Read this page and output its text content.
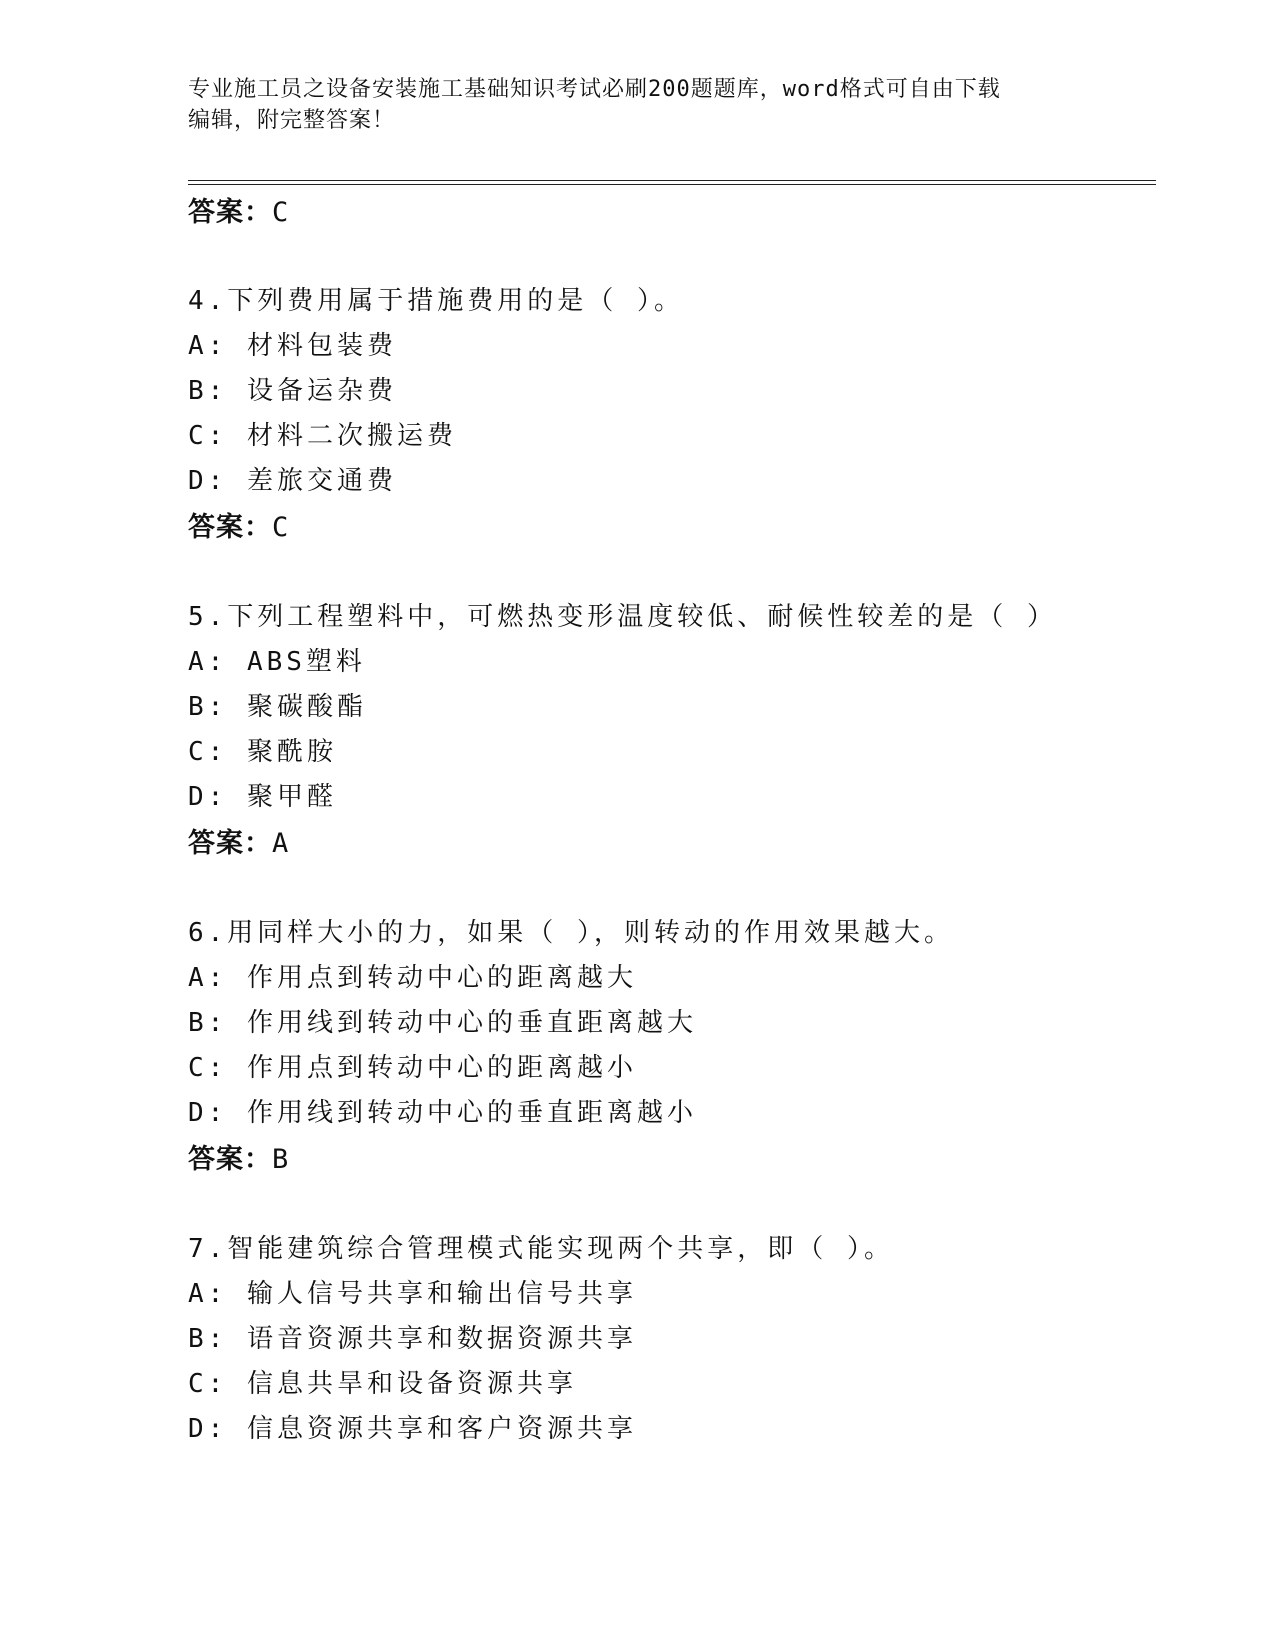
专业施工员之设备安装施工基础知识考试必刷200题题库，word格式可自由下载
编辑，附完整答案！
答案：C
4.下列费用属于措施费用的是（ ）。
A: 材料包装费
B: 设备运杂费
C: 材料二次搬运费
D: 差旅交通费
答案：C
5.下列工程塑料中，可燃热变形温度较低、耐候性较差的是（ ）
A: ABS塑料
B: 聚碳酸酯
C: 聚酰胺
D: 聚甲醛
答案：A
6.用同样大小的力，如果（ ），则转动的作用效果越大。
A: 作用点到转动中心的距离越大
B: 作用线到转动中心的垂直距离越大
C: 作用点到转动中心的距离越小
D: 作用线到转动中心的垂直距离越小
答案：B
7.智能建筑综合管理模式能实现两个共享，即（ ）。
A: 输人信号共享和输出信号共享
B: 语音资源共享和数据资源共享
C: 信息共旱和设备资源共享
D: 信息资源共享和客户资源共享
